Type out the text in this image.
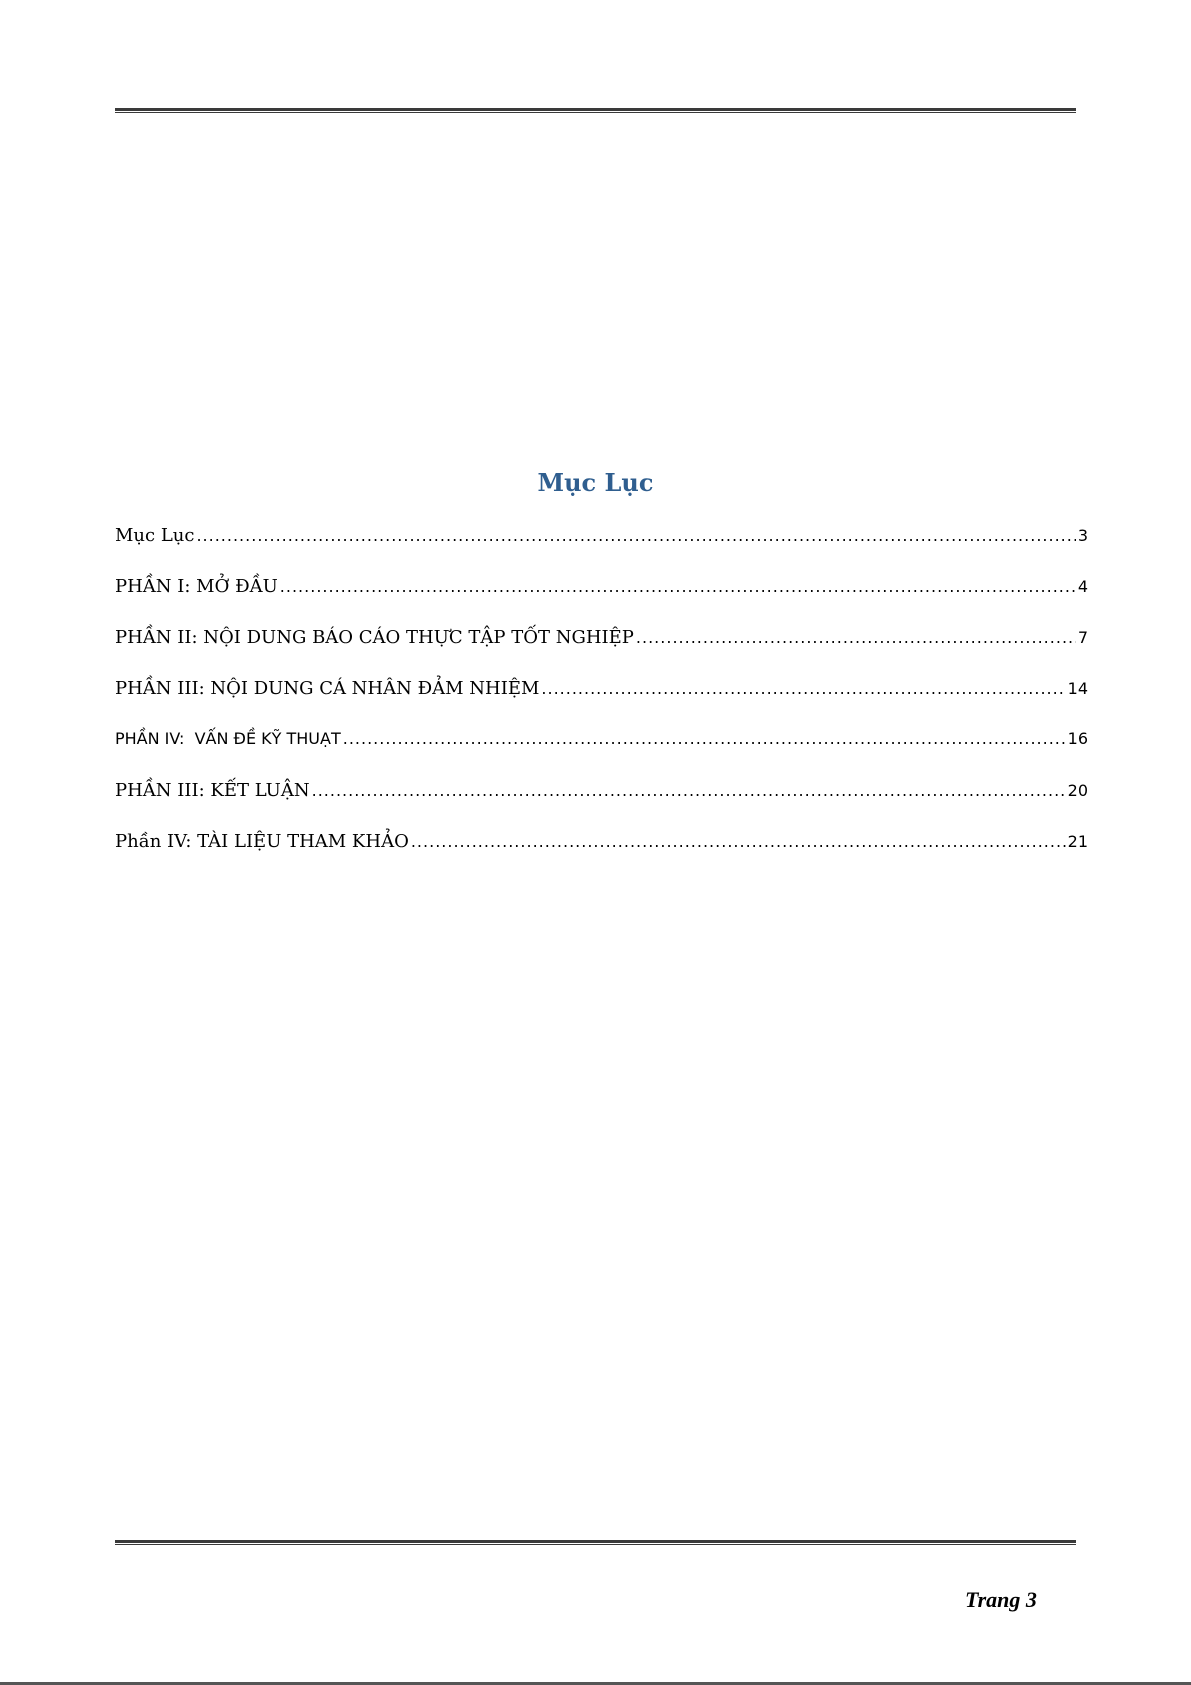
Mục Lục
Mục Lục .....	3
PHẦN I: MỞ ĐẦU .....	4
PHẦN II: NỘI DUNG BÁO CÁO THỰC TẬP TỐT NGHIỆP .....	7
PHẦN III: NỘI DUNG CÁ NHÂN ĐẢM NHIỆM .....	14
PHẦN IV:  VẤN ĐỀ KỸ THUẠT .....	16
PHẦN III: KẾT LUẬN .....	20
Phần IV: TÀI LIỆU THAM KHẢO .....	21
Trang 3
